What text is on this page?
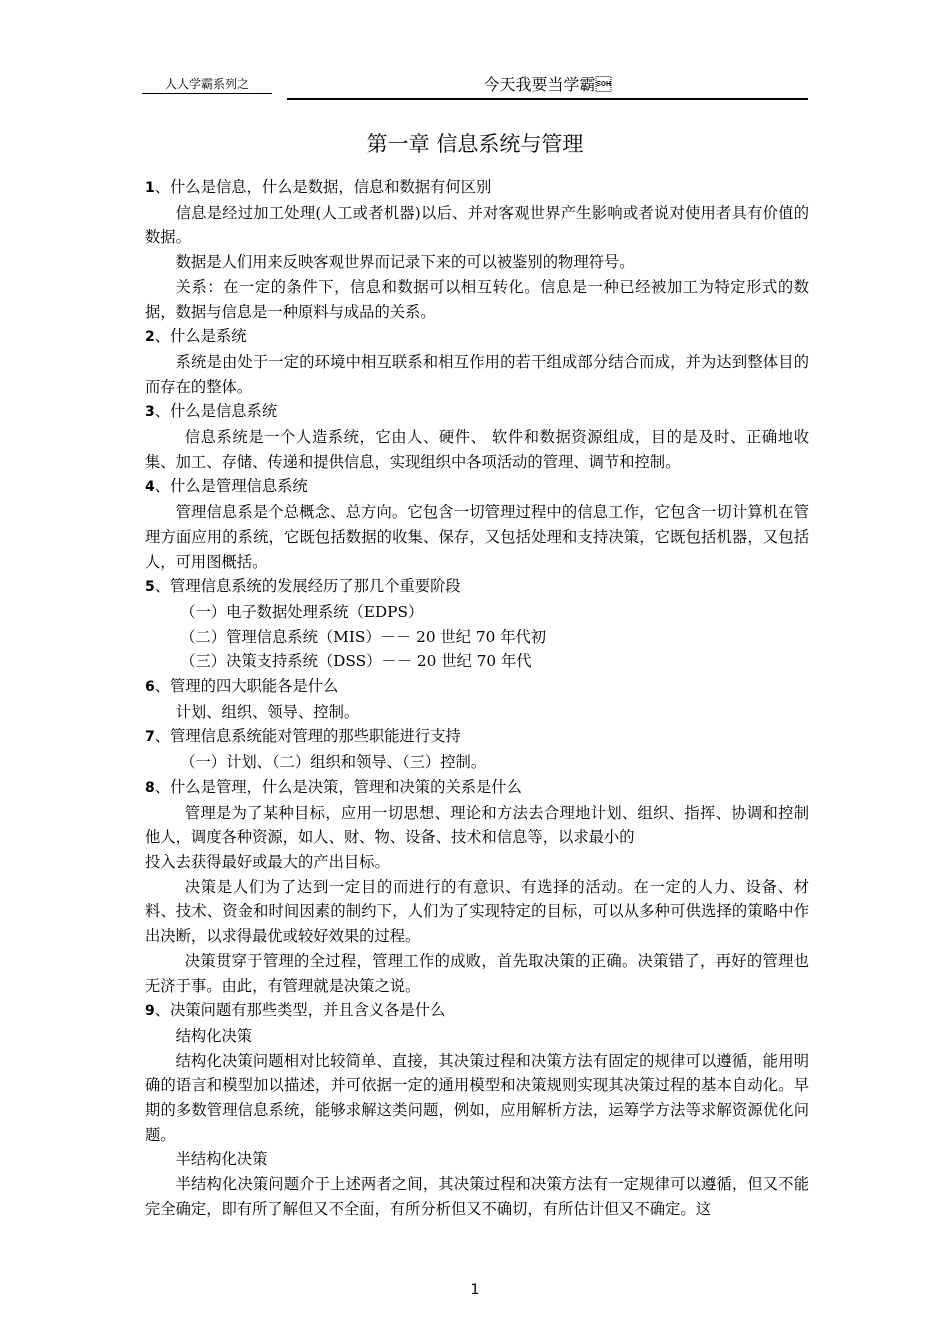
人人学霸系列之	今天我要当学霸
第一章 信息系统与管理

1、什么是信息，什么是数据，信息和数据有何区别

信息是经过加工处理(人工或者机器)以后、并对客观世界产生影响或者说对使用者具有价值的数据。

数据是人们用来反映客观世界而记录下来的可以被鉴别的物理符号。

关系：在一定的条件下，信息和数据可以相互转化。信息是一种已经被加工为特定形式的数据，数据与信息是一种原料与成品的关系。

2、什么是系统

系统是由处于一定的环境中相互联系和相互作用的若干组成部分结合而成，并为达到整体目的而存在的整体。

3、什么是信息系统

信息系统是一个人造系统，它由人、硬件、 软件和数据资源组成，目的是及时、正确地收集、加工、存储、传递和提供信息，实现组织中各项活动的管理、调节和控制。

4、什么是管理信息系统

管理信息系是个总概念、总方向。它包含一切管理过程中的信息工作，它包含一切计算机在管理方面应用的系统，它既包括数据的收集、保存，又包括处理和支持决策，它既包括机器，又包括人，可用图概括。

5、管理信息系统的发展经历了那几个重要阶段

（一）电子数据处理系统（EDPS）

（二）管理信息系统（MIS）－－ 20 世纪 70 年代初

（三）决策支持系统（DSS）－－ 20 世纪 70 年代

6、管理的四大职能各是什么

计划、组织、领导、控制。

7、管理信息系统能对管理的那些职能进行支持

（一）计划、（二）组织和领导、（三）控制。

8、什么是管理，什么是决策，管理和决策的关系是什么

管理是为了某种目标，应用一切思想、理论和方法去合理地计划、组织、指挥、协调和控制他人，调度各种资源，如人、财、物、设备、技术和信息等，以求最小的

投入去获得最好或最大的产出目标。

决策是人们为了达到一定目的而进行的有意识、有选择的活动。在一定的人力、设备、材料、技术、资金和时间因素的制约下，人们为了实现特定的目标，可以从多种可供选择的策略中作出决断，以求得最优或较好效果的过程。

决策贯穿于管理的全过程，管理工作的成败，首先取决策的正确。决策错了，再好的管理也无济于事。由此，有管理就是决策之说。

9、决策问题有那些类型，并且含义各是什么

结构化决策

结构化决策问题相对比较简单、直接，其决策过程和决策方法有固定的规律可以遵循，能用明确的语言和模型加以描述，并可依据一定的通用模型和决策规则实现其决策过程的基本自动化。早期的多数管理信息系统，能够求解这类问题，例如，应用解析方法，运筹学方法等求解资源优化问题。

半结构化决策

半结构化决策问题介于上述两者之间，其决策过程和决策方法有一定规律可以遵循，但又不能完全确定，即有所了解但又不全面，有所分析但又不确切，有所估计但又不确定。这

1
